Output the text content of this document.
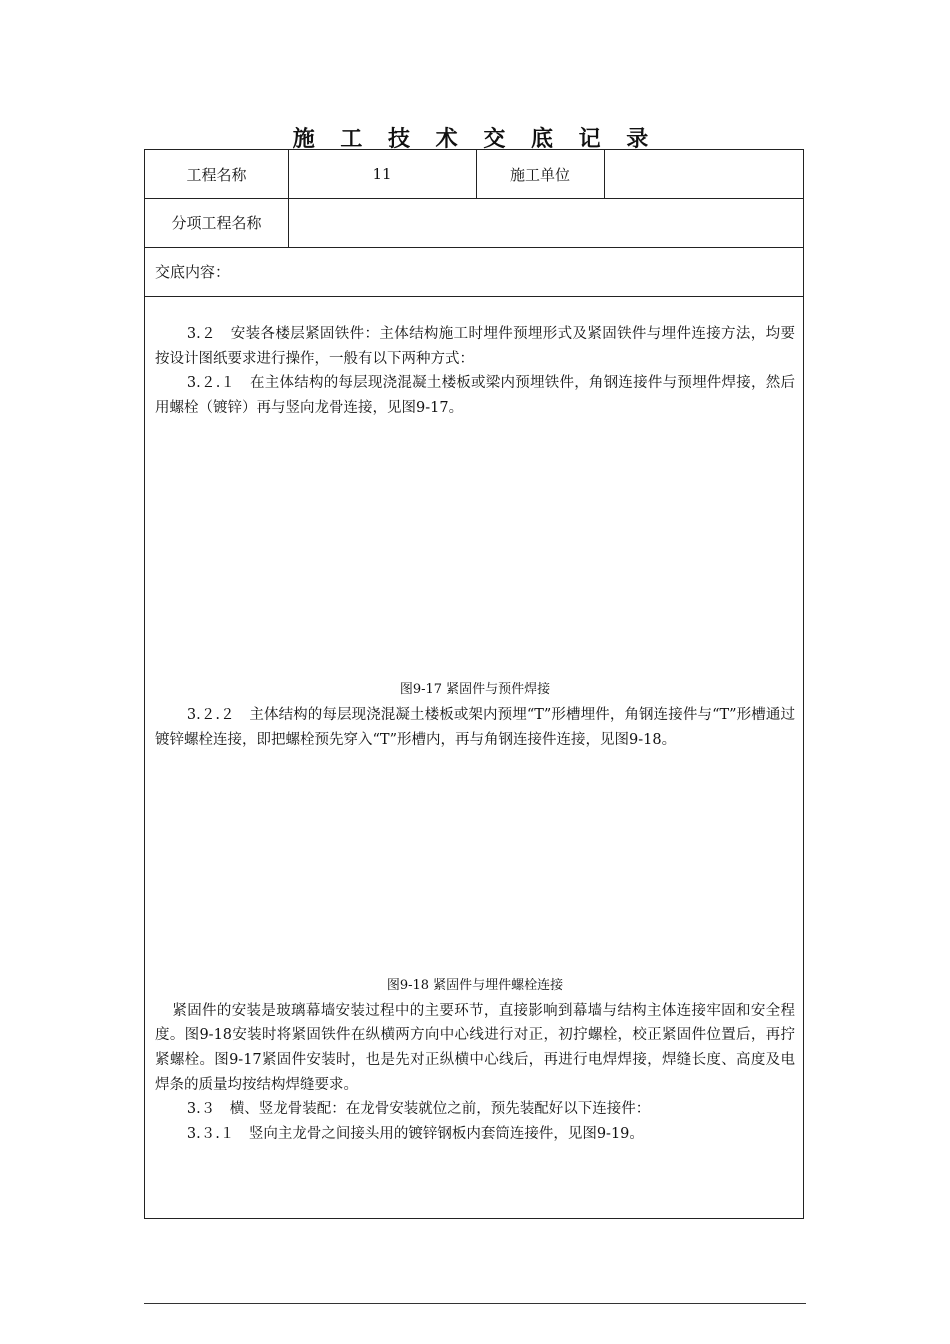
施 工 技 术 交 底 记 录
工程名称	11	施工单位
分项工程名称
交底内容：

3.２　安装各楼层紧固铁件：主体结构施工时埋件预埋形式及紧固铁件与埋件连接方法，均要按设计图纸要求进行操作，一般有以下两种方式：

3.２.１　在主体结构的每层现浇混凝土楼板或梁内预埋铁件，角钢连接件与预埋件焊接，然后用螺栓（镀锌）再与竖向龙骨连接，见图9-17。

图9-17 紧固件与预件焊接

3.２.２　主体结构的每层现浇混凝土楼板或架内预埋“T”形槽埋件，角钢连接件与“T”形槽通过镀锌螺栓连接，即把螺栓预先穿入“T”形槽内，再与角钢连接件连接，见图9-18。

图9-18 紧固件与埋件螺栓连接

紧固件的安装是玻璃幕墙安装过程中的主要环节，直接影响到幕墙与结构主体连接牢固和安全程度。图9-18安装时将紧固铁件在纵横两方向中心线进行对正，初拧螺栓，校正紧固件位置后，再拧紧螺栓。图9-17紧固件安装时，也是先对正纵横中心线后，再进行电焊焊接，焊缝长度、高度及电焊条的质量均按结构焊缝要求。

3.３　横、竖龙骨装配：在龙骨安装就位之前，预先装配好以下连接件：

3.３.１　竖向主龙骨之间接头用的镀锌钢板内套筒连接件，见图9-19。
